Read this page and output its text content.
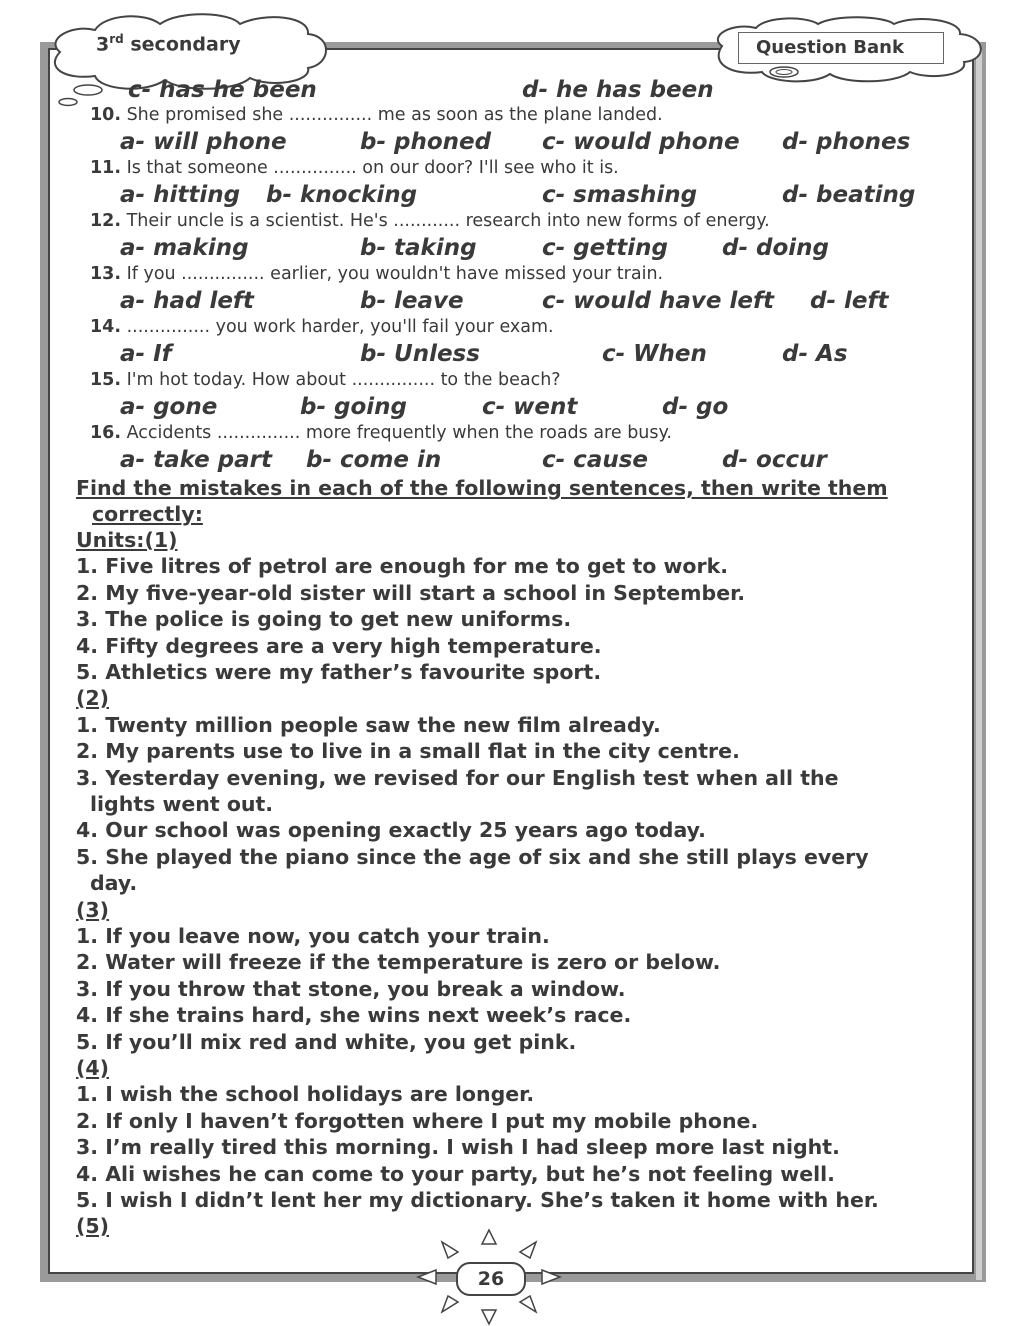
3rd secondary	Question Bank
c- has he been	d- he has been
10. She promised she ............... me as soon as the plane landed.
a- will phone	b- phoned c- would phone d- phones
11. Is that someone ............... on our door? I'll see who it is.
a- hitting b- knocking	c- smashing	d- beating
12. Their uncle is a scientist. He's ............ research into new forms of energy.
a- making	b- taking	c- getting d- doing
13. If you ............... earlier, you wouldn't have missed your train.
a- had left	b- leave	c- would have left d- left
14. ............... you work harder, you'll fail your exam.
a- If	b- Unless	c- When	d- As
15. I'm hot today. How about ............... to the beach?
a- gone	b- going	c- went	d- go
16. Accidents ............... more frequently when the roads are busy.
a- take part b- come in	c- cause	d- occur
Find the mistakes in each of the following sentences, then write them
correctly:
Units:(1)
1. Five litres of petrol are enough for me to get to work.
2. My five-year-old sister will start a school in September.
3. The police is going to get new uniforms.
4. Fifty degrees are a very high temperature.
5. Athletics were my father’s favourite sport.
(2)
1. Twenty million people saw the new film already.
2. My parents use to live in a small flat in the city centre.
3. Yesterday evening, we revised for our English test when all the
lights went out.
4. Our school was opening exactly 25 years ago today.
5. She played the piano since the age of six and she still plays every
day.
(3)
1. If you leave now, you catch your train.
2. Water will freeze if the temperature is zero or below.
3. If you throw that stone, you break a window.
4. If she trains hard, she wins next week’s race.
5. If you’ll mix red and white, you get pink.
(4)
1. I wish the school holidays are longer.
2. If only I haven’t forgotten where I put my mobile phone.
3. I’m really tired this morning. I wish I had sleep more last night.
4. Ali wishes he can come to your party, but he’s not feeling well.
5. I wish I didn’t lent her my dictionary. She’s taken it home with her.
(5)
26
